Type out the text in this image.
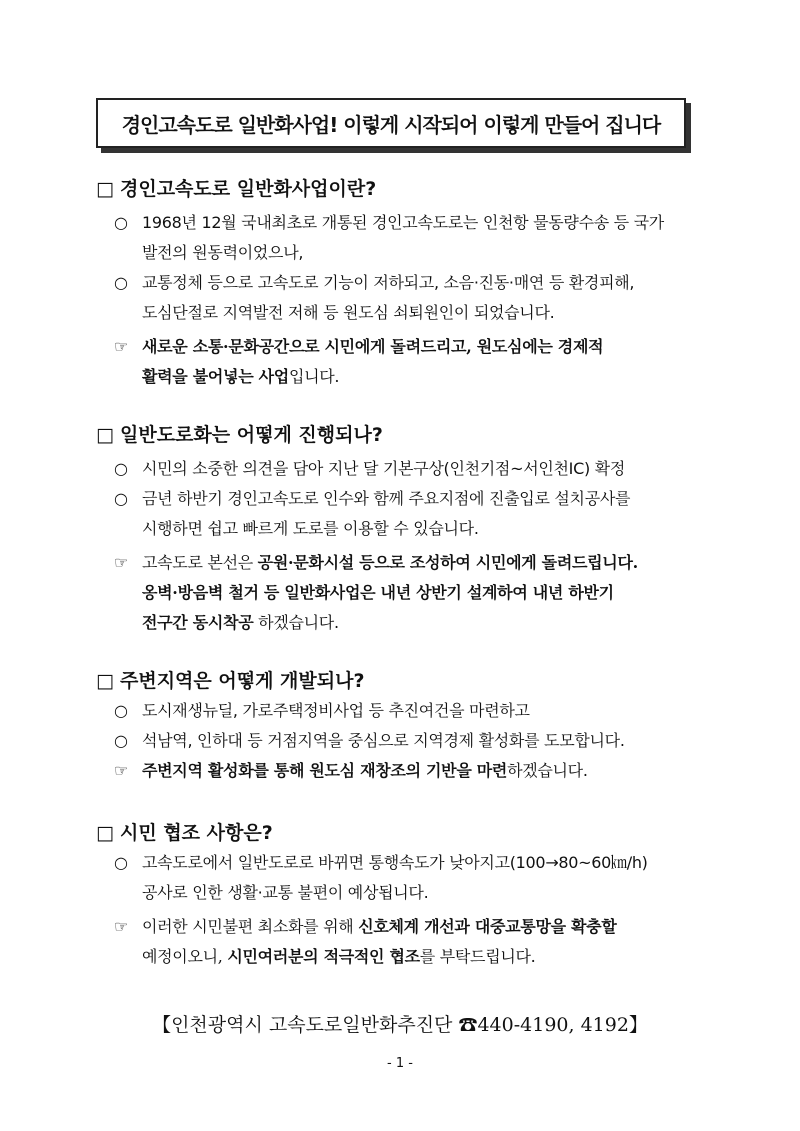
경인고속도로 일반화사업! 이렇게 시작되어 이렇게 만들어 집니다
□ 경인고속도로 일반화사업이란?
○ 1968년 12월 국내최초로 개통된 경인고속도로는 인천항 물동량수송 등 국가
발전의 원동력이었으나,
○ 교통정체 등으로 고속도로 기능이 저하되고, 소음·진동·매연 등 환경피해,
도심단절로 지역발전 저해 등 원도심 쇠퇴원인이 되었습니다.
☞ 새로운 소통·문화공간으로 시민에게 돌려드리고, 원도심에는 경제적
활력을 불어넣는 사업입니다.
□ 일반도로화는 어떻게 진행되나?
○ 시민의 소중한 의견을 담아 지난 달 기본구상(인천기점~서인천IC) 확정
○ 금년 하반기 경인고속도로 인수와 함께 주요지점에 진출입로 설치공사를
시행하면 쉽고 빠르게 도로를 이용할 수 있습니다.
☞ 고속도로 본선은 공원·문화시설 등으로 조성하여 시민에게 돌려드립니다.
옹벽·방음벽 철거 등 일반화사업은 내년 상반기 설계하여 내년 하반기
전구간 동시착공 하겠습니다.
□ 주변지역은 어떻게 개발되나?
○ 도시재생뉴딜, 가로주택정비사업 등 추진여건을 마련하고
○ 석남역, 인하대 등 거점지역을 중심으로 지역경제 활성화를 도모합니다.
☞ 주변지역 활성화를 통해 원도심 재창조의 기반을 마련하겠습니다.
□ 시민 협조 사항은?
○ 고속도로에서 일반도로로 바뀌면 통행속도가 낮아지고(100→80~60㎞/h)
공사로 인한 생활·교통 불편이 예상됩니다.
☞ 이러한 시민불편 최소화를 위해 신호체계 개선과 대중교통망을 확충할
예정이오니, 시민여러분의 적극적인 협조를 부탁드립니다.
【인천광역시 고속도로일반화추진단 ☎440-4190, 4192】
- 1 -
